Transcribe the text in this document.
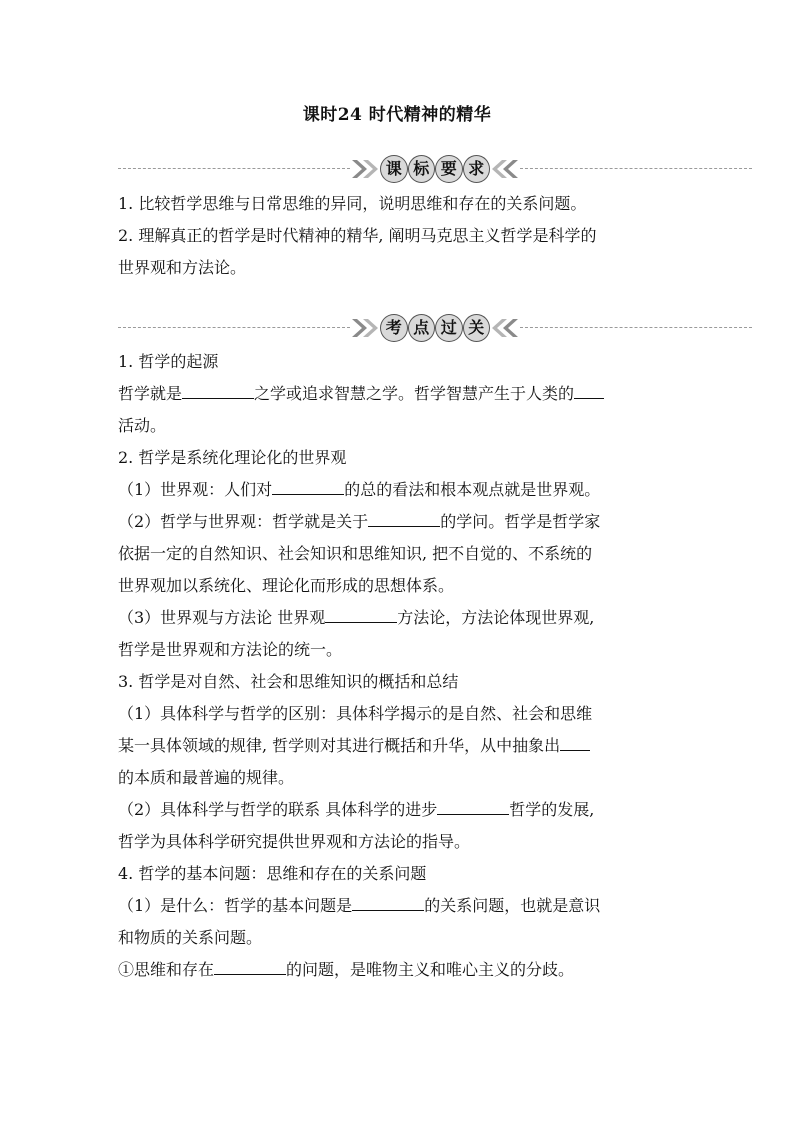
课时24 时代精神的精华
课 标 要 求
1. 比较哲学思维与日常思维的异同，说明思维和存在的关系问题。
2. 理解真正的哲学是时代精神的精华, 阐明马克思主义哲学是科学的
世界观和方法论。
考 点 过 关
1. 哲学的起源
哲学就是	之学或追求智慧之学。哲学智慧产生于人类的
活动。
2. 哲学是系统化理论化的世界观
（1）世界观：人们对	的总的看法和根本观点就是世界观。
（2）哲学与世界观：哲学就是关于	的学问。哲学是哲学家
依据一定的自然知识、社会知识和思维知识, 把不自觉的、不系统的
世界观加以系统化、理论化而形成的思想体系。
（3）世界观与方法论 世界观	方法论，方法论体现世界观,
哲学是世界观和方法论的统一。
3. 哲学是对自然、社会和思维知识的概括和总结
（1）具体科学与哲学的区别：具体科学揭示的是自然、社会和思维
某一具体领域的规律, 哲学则对其进行概括和升华，从中抽象出
的本质和最普遍的规律。
（2）具体科学与哲学的联系 具体科学的进步	哲学的发展,
哲学为具体科学研究提供世界观和方法论的指导。
4. 哲学的基本问题：思维和存在的关系问题
（1）是什么：哲学的基本问题是	的关系问题，也就是意识
和物质的关系问题。
①思维和存在	的问题，是唯物主义和唯心主义的分歧。
